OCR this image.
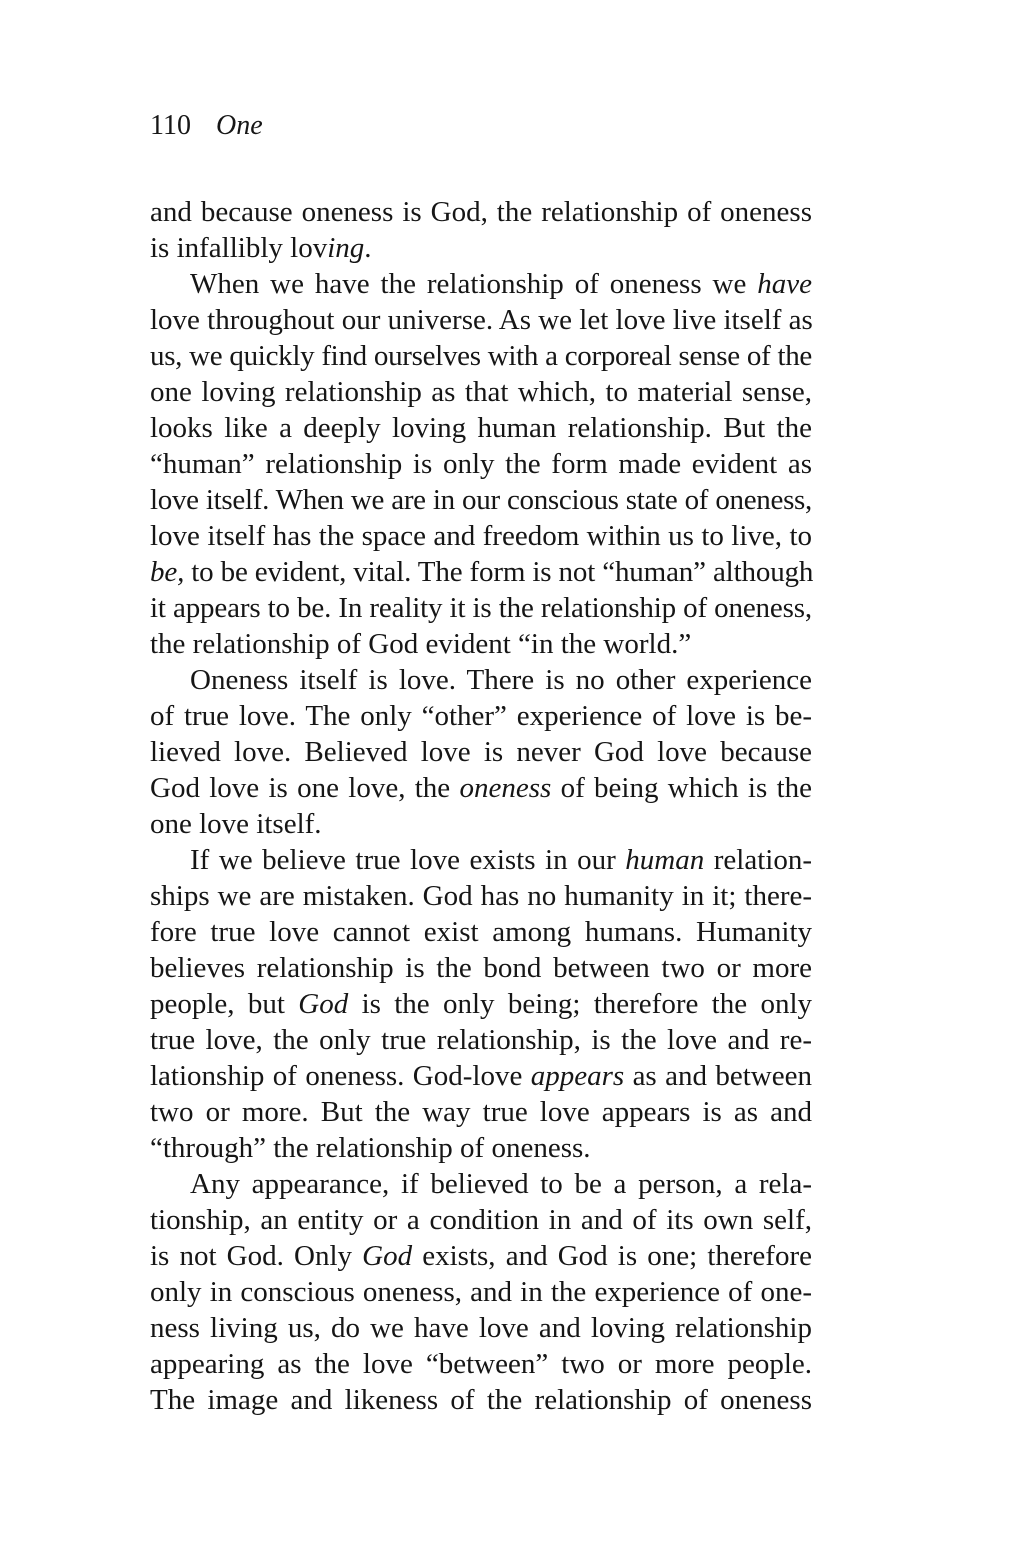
110 One
and because oneness is God, the relationship of oneness
is infallibly loving.
When we have the relationship of oneness we have
love throughout our universe. As we let love live itself as
us, we quickly find ourselves with a corporeal sense of the
one loving relationship as that which, to material sense,
looks like a deeply loving human relationship. But the
“human” relationship is only the form made evident as
love itself. When we are in our conscious state of oneness,
love itself has the space and freedom within us to live, to
be, to be evident, vital. The form is not “human” although
it appears to be. In reality it is the relationship of oneness,
the relationship of God evident “in the world.”
Oneness itself is love. There is no other experience
of true love. The only “other” experience of love is be-
lieved love. Believed love is never God love because
God love is one love, the oneness of being which is the
one love itself.
If we believe true love exists in our human relation-
ships we are mistaken. God has no humanity in it; there-
fore true love cannot exist among humans. Humanity
believes relationship is the bond between two or more
people, but God is the only being; therefore the only
true love, the only true relationship, is the love and re-
lationship of oneness. God-love appears as and between
two or more. But the way true love appears is as and
“through” the relationship of oneness.
Any appearance, if believed to be a person, a rela-
tionship, an entity or a condition in and of its own self,
is not God. Only God exists, and God is one; therefore
only in conscious oneness, and in the experience of one-
ness living us, do we have love and loving relationship
appearing as the love “between” two or more people.
The image and likeness of the relationship of oneness
